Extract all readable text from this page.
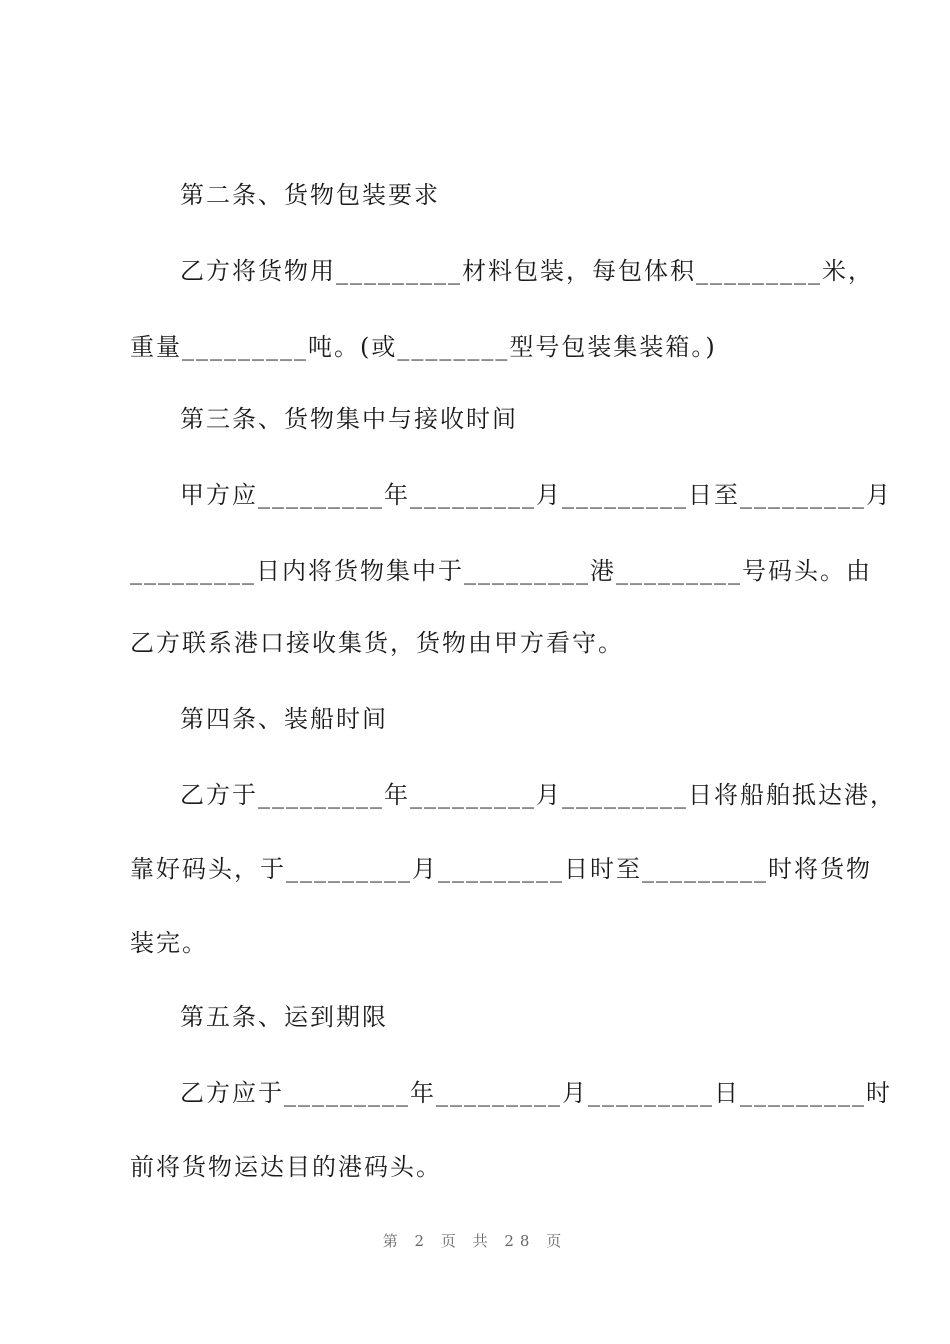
第二条、货物包装要求
乙方将货物用_________材料包装，每包体积_________米，
重量_________吨。(或________型号包装集装箱。)
第三条、货物集中与接收时间
甲方应_________年_________月_________日至_________月
_________日内将货物集中于_________港_________号码头。由
乙方联系港口接收集货，货物由甲方看守。
第四条、装船时间
乙方于_________年_________月_________日将船舶抵达港，
靠好码头，于_________月_________日时至_________时将货物
装完。
第五条、运到期限
乙方应于_________年_________月_________日_________时
前将货物运达目的港码头。
第 2 页 共 28 页
